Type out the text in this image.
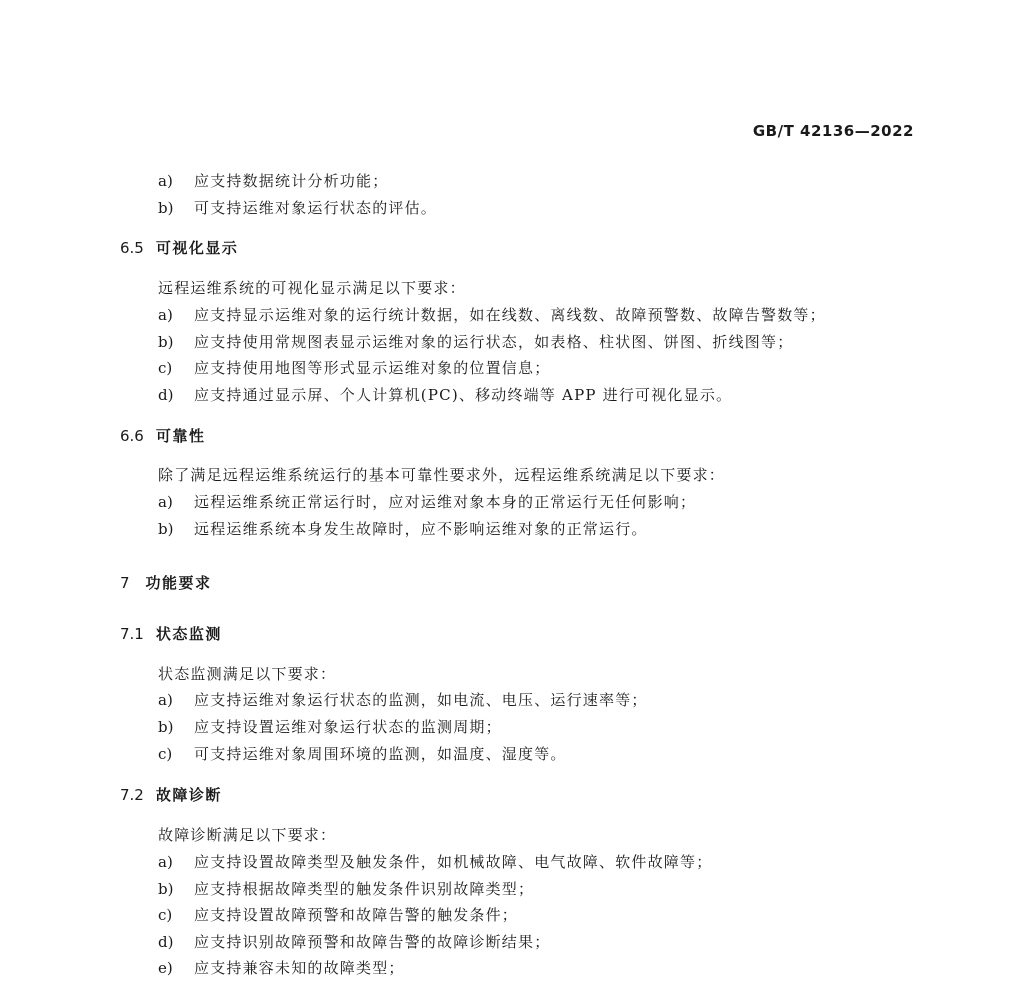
GB/T 42136—2022
a) 应支持数据统计分析功能；
b) 可支持运维对象运行状态的评估。
6.5 可视化显示
远程运维系统的可视化显示满足以下要求：
a) 应支持显示运维对象的运行统计数据，如在线数、离线数、故障预警数、故障告警数等；
b) 应支持使用常规图表显示运维对象的运行状态，如表格、柱状图、饼图、折线图等；
c) 应支持使用地图等形式显示运维对象的位置信息；
d) 应支持通过显示屏、个人计算机(PC)、移动终端等 APP 进行可视化显示。
6.6 可靠性
除了满足远程运维系统运行的基本可靠性要求外，远程运维系统满足以下要求：
a) 远程运维系统正常运行时，应对运维对象本身的正常运行无任何影响；
b) 远程运维系统本身发生故障时，应不影响运维对象的正常运行。
7 功能要求
7.1 状态监测
状态监测满足以下要求：
a) 应支持运维对象运行状态的监测，如电流、电压、运行速率等；
b) 应支持设置运维对象运行状态的监测周期；
c) 可支持运维对象周围环境的监测，如温度、湿度等。
7.2 故障诊断
故障诊断满足以下要求：
a) 应支持设置故障类型及触发条件，如机械故障、电气故障、软件故障等；
b) 应支持根据故障类型的触发条件识别故障类型；
c) 应支持设置故障预警和故障告警的触发条件；
d) 应支持识别故障预警和故障告警的故障诊断结果；
e) 应支持兼容未知的故障类型；
